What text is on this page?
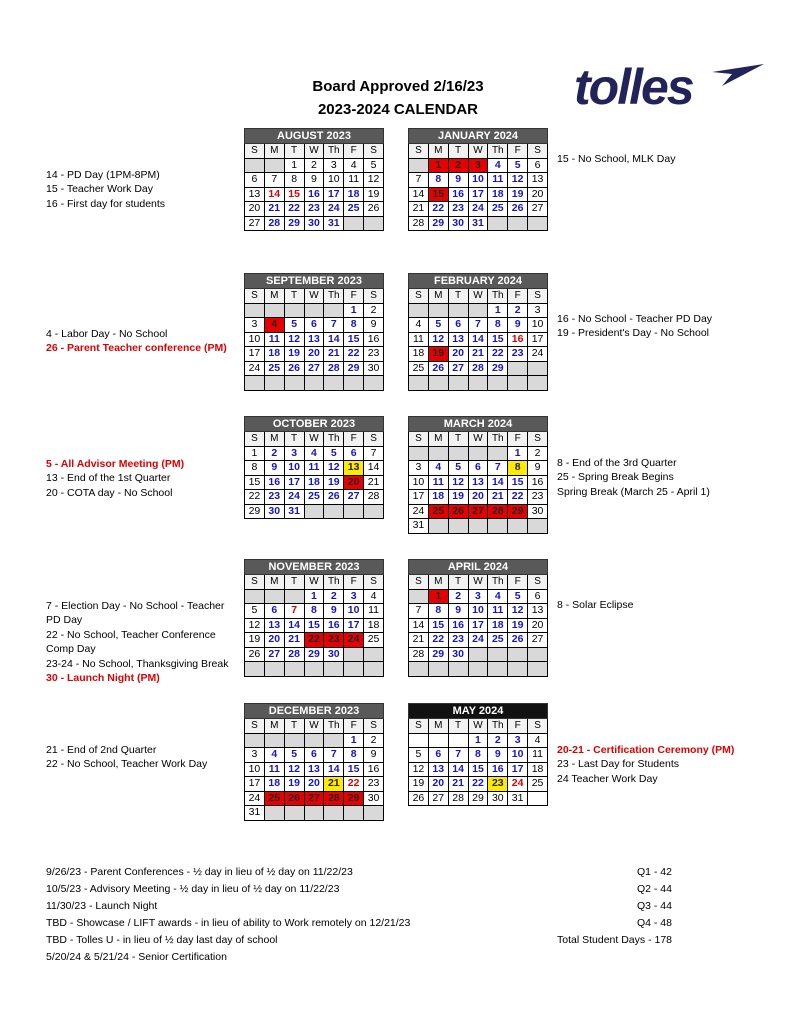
Board Approved 2/16/23
2023-2024 CALENDAR	tolles
AUGUST 2023						
S	M	T	W	Th	F	S
		1	2	3	4	5
6	7	8	9	10	11	12
13	14	15	16	17	18	19
20	21	22	23	24	25	26
27	28	29	30	31		
JANUARY 2024						
S	M	T	W	Th	F	S
	1	2	3	4	5	6
7	8	9	10	11	12	13
14	15	16	17	18	19	20
21	22	23	24	25	26	27
28	29	30	31			
SEPTEMBER 2023						
S	M	T	W	Th	F	S
					1	2
3	4	5	6	7	8	9
10	11	12	13	14	15	16
17	18	19	20	21	22	23
24	25	26	27	28	29	30

FEBRUARY 2024						
S	M	T	W	Th	F	S
				1	2	3
4	5	6	7	8	9	10
11	12	13	14	15	16	17
18	19	20	21	22	23	24
25	26	27	28	29		

OCTOBER 2023						
S	M	T	W	Th	F	S
1	2	3	4	5	6	7
8	9	10	11	12	13	14
15	16	17	18	19	20	21
22	23	24	25	26	27	28
29	30	31				
MARCH 2024						
S	M	T	W	Th	F	S
					1	2
3	4	5	6	7	8	9
10	11	12	13	14	15	16
17	18	19	20	21	22	23
24	25	26	27	28	29	30
31						
NOVEMBER 2023						
S	M	T	W	Th	F	S
			1	2	3	4
5	6	7	8	9	10	11
12	13	14	15	16	17	18
19	20	21	22	23	24	25
26	27	28	29	30		

APRIL 2024						
S	M	T	W	Th	F	S
	1	2	3	4	5	6
7	8	9	10	11	12	13
14	15	16	17	18	19	20
21	22	23	24	25	26	27
28	29	30				

DECEMBER 2023						
S	M	T	W	Th	F	S
					1	2
3	4	5	6	7	8	9
10	11	12	13	14	15	16
17	18	19	20	21	22	23
24	25	26	27	28	29	30
31						
MAY 2024						
S	M	T	W	Th	F	S
			1	2	3	4
5	6	7	8	9	10	11
12	13	14	15	16	17	18
19	20	21	22	23	24	25
26	27	28	29	30	31	
14 - PD Day (1PM-8PM)
15 - Teacher Work Day
16 - First day for students
4 - Labor Day - No School
26 - Parent Teacher conference (PM)
5 - All Advisor Meeting (PM)
13 - End of the 1st Quarter
20 - COTA day - No School
7 - Election Day - No School - Teacher PD Day
22 - No School, Teacher Conference Comp Day
23-24 - No School, Thanksgiving Break
30 - Launch Night (PM)
21 - End of 2nd Quarter
22 - No School, Teacher Work Day
15 - No School, MLK Day
16 - No School - Teacher PD Day
19 - President's Day - No School
8 - End of the 3rd Quarter
25 - Spring Break Begins
Spring Break (March 25 - April 1)
8 - Solar Eclipse
20-21 - Certification Ceremony (PM)
23 - Last Day for Students
24 Teacher Work Day
9/26/23 - Parent Conferences - ½ day in lieu of ½ day on 11/22/23
10/5/23 - Advisory Meeting - ½ day in lieu of ½ day on 11/22/23
11/30/23 - Launch Night
TBD - Showcase / LIFT awards - in lieu of ability to Work remotely on 12/21/23
TBD - Tolles U - in lieu of ½ day last day of school
5/20/24 & 5/21/24 - Senior Certification
Q1 - 42
Q2 - 44
Q3 - 44
Q4 - 48
Total Student Days - 178
